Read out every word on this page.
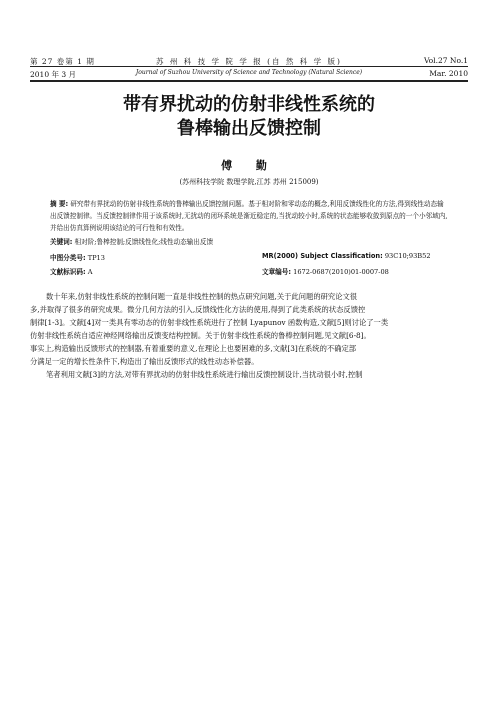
第 27 卷第 1 期	苏 州 科 技 学 院 学 报 (自 然 科 学 版)	Vol.27 No.1
2010 年 3 月	Journal of Suzhou University of Science and Technology (Natural Science)	Mar. 2010
带有界扰动的仿射非线性系统的
鲁棒输出反馈控制
傅 勤
(苏州科技学院 数理学院,江苏 苏州 215009)
摘 要: 研究带有界扰动的仿射非线性系统的鲁棒输出反馈控制问题。基于相对阶和零动态的概念,利用反馈线性化的方法,得到线性动态输出反馈控制律。当反馈控制律作用于该系统时,无扰动的闭环系统是渐近稳定的,当扰动较小时,系统的状态能够收敛到原点的一个小邻域内,并给出仿真算例说明该结论的可行性和有效性。
关键词: 相对阶;鲁棒控制;反馈线性化;线性动态输出反馈
中图分类号: TP13	MR(2000) Subject Classification: 93C10;93B52
文献标识码: A	文章编号: 1672-0687(2010)01-0007-08
数十年来,仿射非线性系统的控制问题一直是非线性控制的热点研究问题,关于此问题的研究论文很
多,并取得了很多的研究成果。微分几何方法的引入,反馈线性化方法的使用,得到了此类系统的状态反馈控
制律[1-3]。文献[4]对一类具有零动态的仿射非线性系统进行了控制 Lyapunov 函数构造,文献[5]则讨论了一类
仿射非线性系统自适应神经网络输出反馈变结构控制。关于仿射非线性系统的鲁棒控制问题,见文献[6-8]。
事实上,构造输出反馈形式的控制器,有着重要的意义,在理论上也要困难的多,文献[3]在系统的不确定部
分满足一定的增长性条件下,构造出了输出反馈形式的线性动态补偿器。
笔者利用文献[3]的方法,对带有界扰动的仿射非线性系统进行输出反馈控制设计,当扰动很小时,控制
